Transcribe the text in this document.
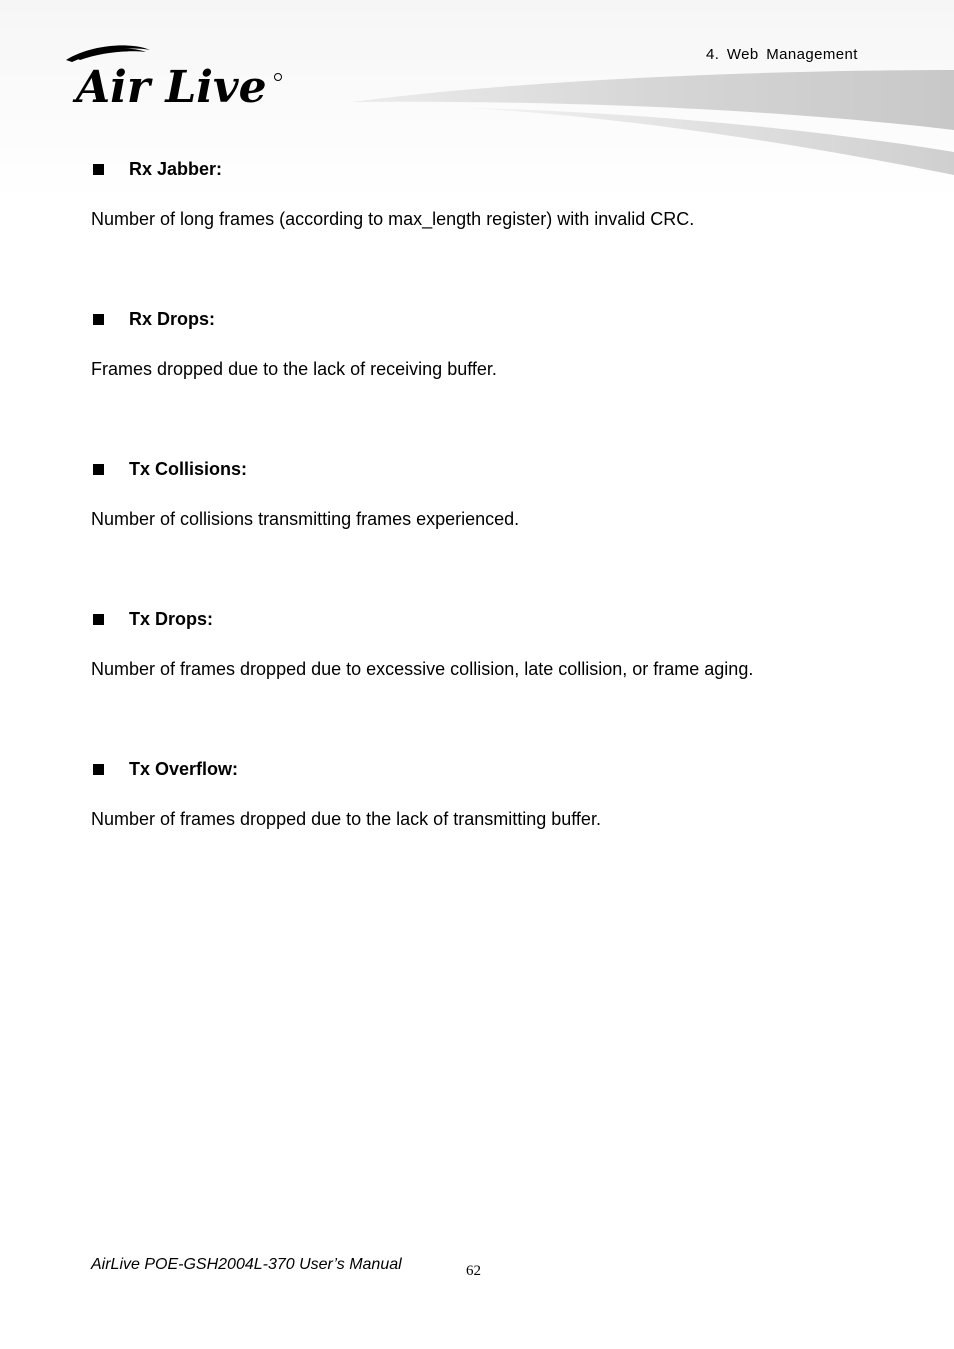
Air Live
4. Web Management
Rx Jabber:
Number of long frames (according to max_length register) with invalid CRC.
Rx Drops:
Frames dropped due to the lack of receiving buffer.
Tx Collisions:
Number of collisions transmitting frames experienced.
Tx Drops:
Number of frames dropped due to excessive collision, late collision, or frame aging.
Tx Overflow:
Number of frames dropped due to the lack of transmitting buffer.
AirLive POE-GSH2004L-370 User’s Manual	62
